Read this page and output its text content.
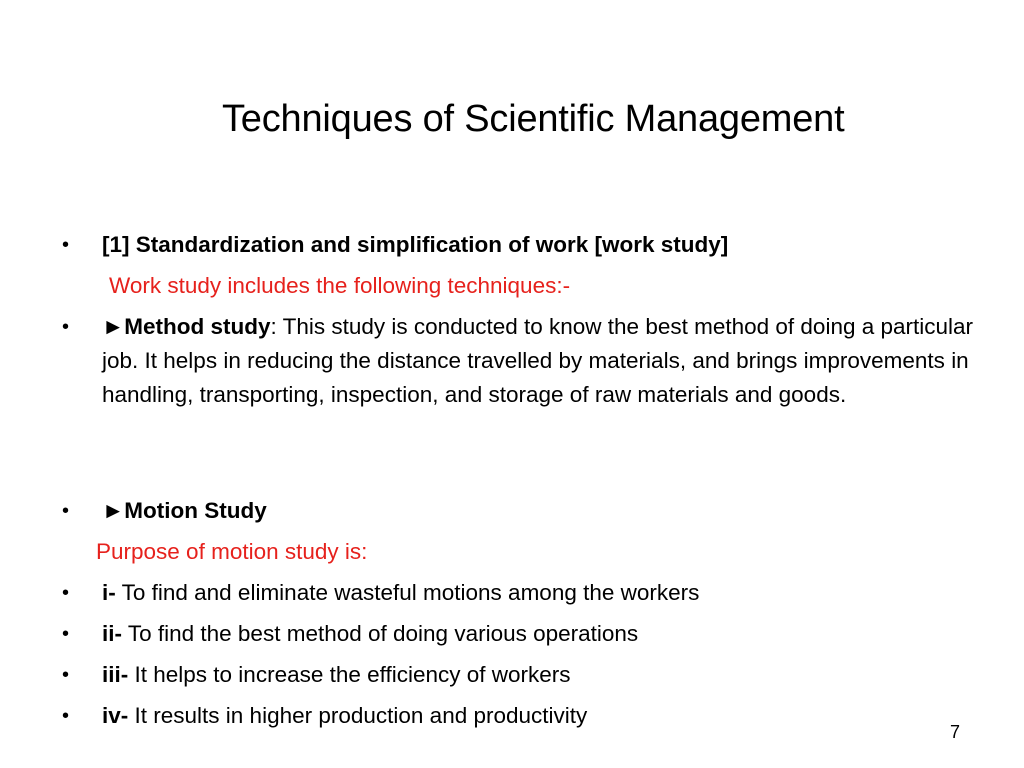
Techniques of Scientific Management
• [1] Standardization and simplification of work [work study]
Work study includes the following techniques:-
• ►Method study: This study is conducted to know the best method of doing a particular job. It helps in reducing the distance travelled by materials, and brings improvements in handling, transporting, inspection, and storage of raw materials and goods.
• ►Motion Study
Purpose of motion study is:
• i- To find and eliminate wasteful motions among the workers
• ii- To find the best method of doing various operations
• iii- It helps to increase the efficiency of workers
• iv- It results in higher production and productivity
7
